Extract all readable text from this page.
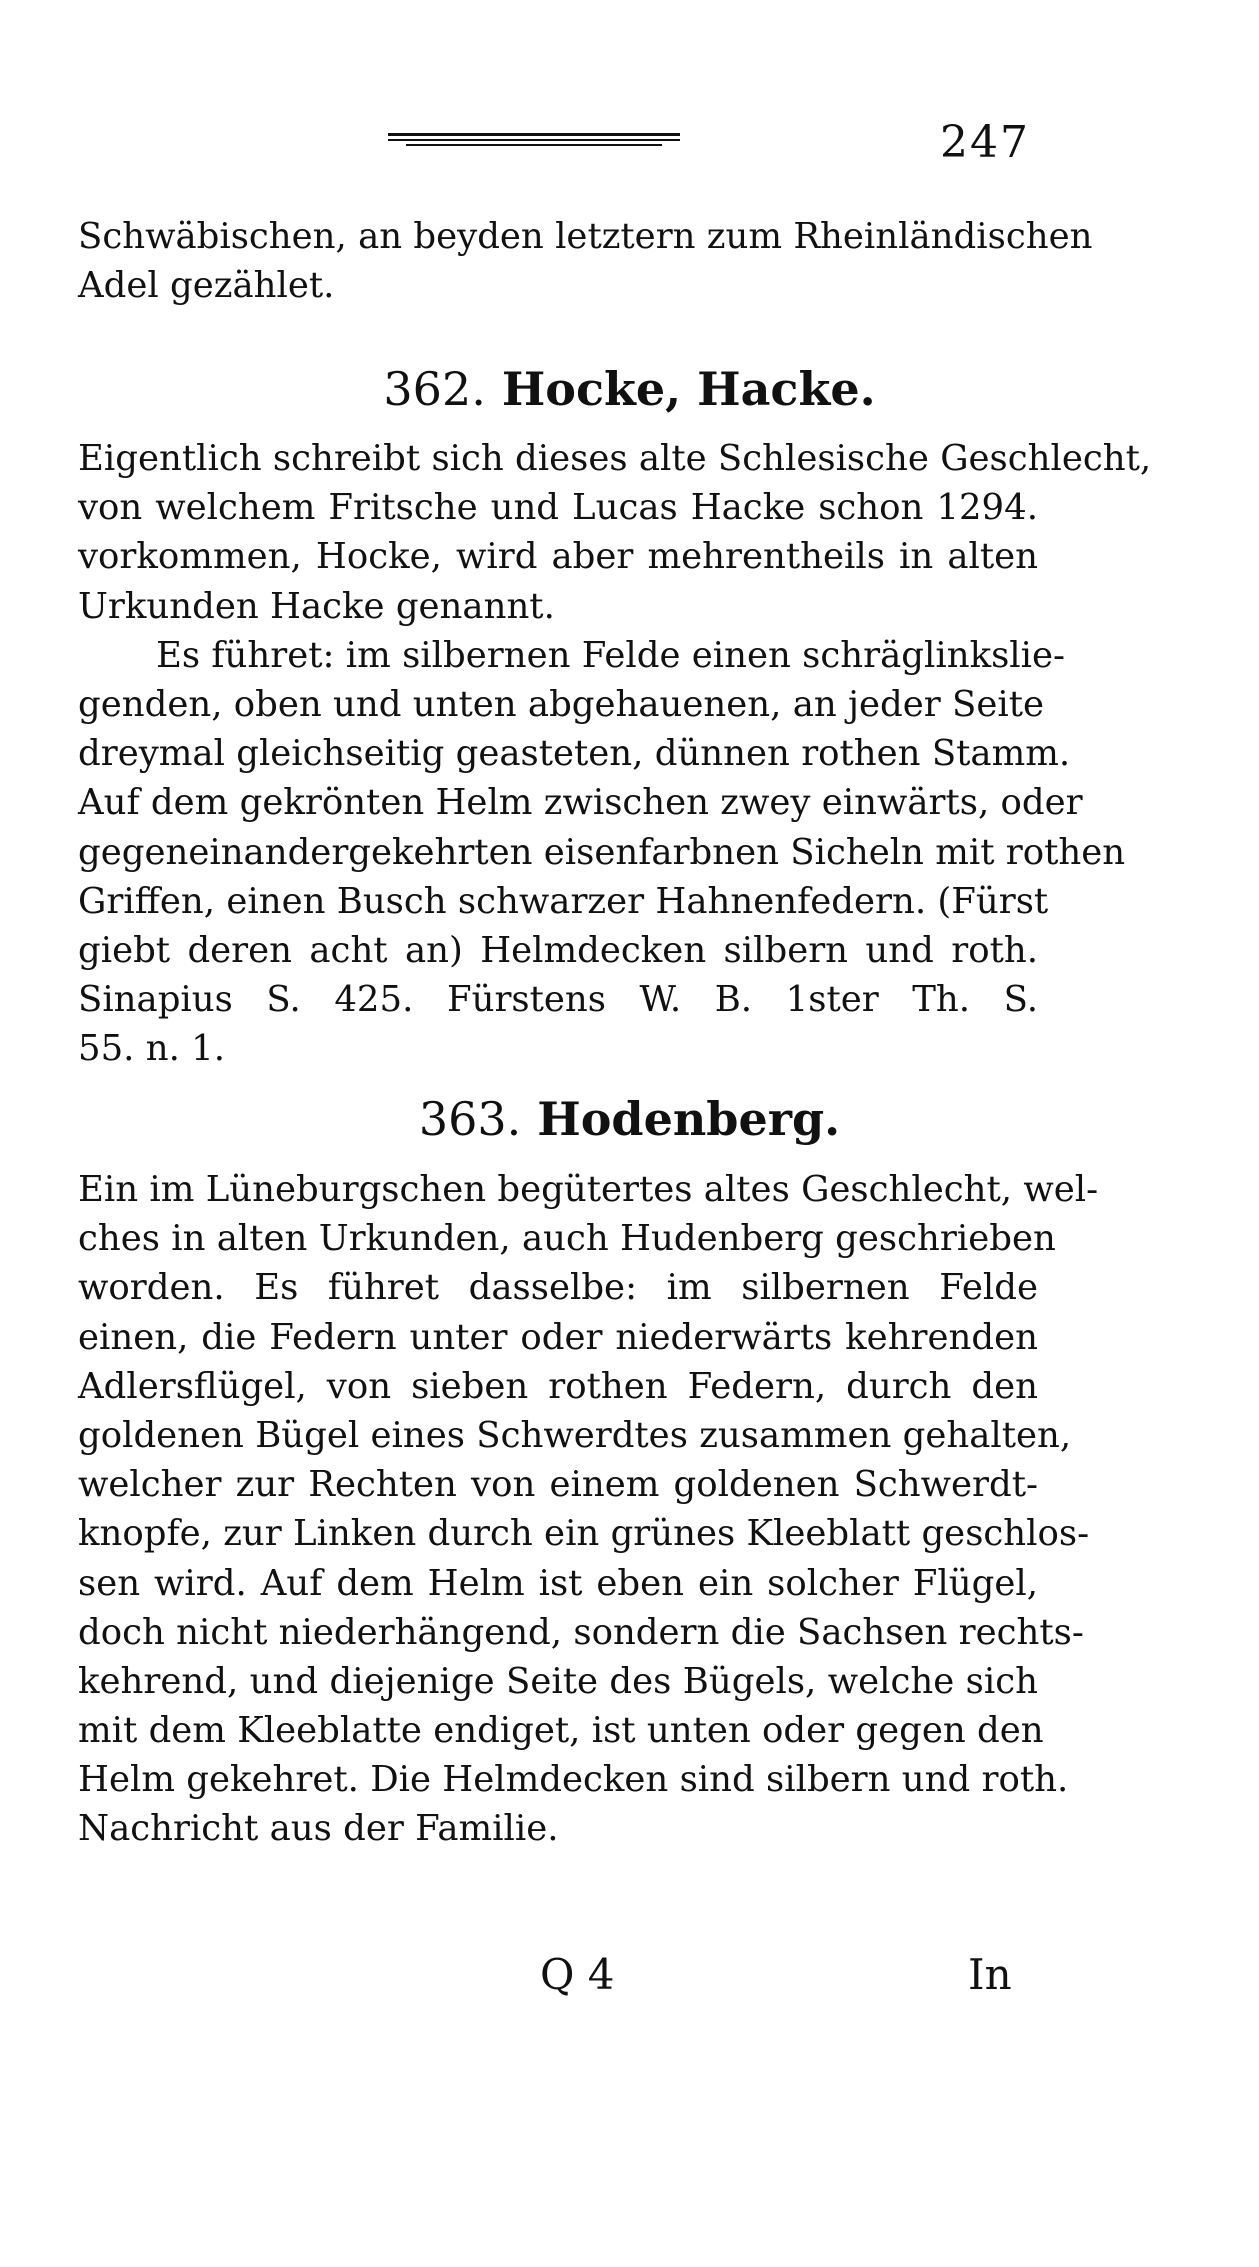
247
Schwäbischen, an beyden letztern zum Rheinländischen
Adel gezählet.
362. Hocke, Hacke.
Eigentlich schreibt sich dieses alte Schlesische Geschlecht,
von welchem Fritsche und Lucas Hacke schon 1294.
vorkommen, Hocke, wird aber mehrentheils in alten
Urkunden Hacke genannt.
Es führet: im silbernen Felde einen schräglinkslie-
genden, oben und unten abgehauenen, an jeder Seite
dreymal gleichseitig geasteten, dünnen rothen Stamm.
Auf dem gekrönten Helm zwischen zwey einwärts, oder
gegeneinandergekehrten eisenfarbnen Sicheln mit rothen
Griffen, einen Busch schwarzer Hahnenfedern. (Fürst
giebt deren acht an) Helmdecken silbern und roth.
Sinapius S. 425. Fürstens W. B. 1ster Th. S.
55. n. 1.
363. Hodenberg.
Ein im Lüneburgschen begütertes altes Geschlecht, wel-
ches in alten Urkunden, auch Hudenberg geschrieben
worden. Es führet dasselbe: im silbernen Felde
einen, die Federn unter oder niederwärts kehrenden
Adlersflügel, von sieben rothen Federn, durch den
goldenen Bügel eines Schwerdtes zusammen gehalten,
welcher zur Rechten von einem goldenen Schwerdt-
knopfe, zur Linken durch ein grünes Kleeblatt geschlos-
sen wird. Auf dem Helm ist eben ein solcher Flügel,
doch nicht niederhängend, sondern die Sachsen rechts-
kehrend, und diejenige Seite des Bügels, welche sich
mit dem Kleeblatte endiget, ist unten oder gegen den
Helm gekehret. Die Helmdecken sind silbern und roth.
Nachricht aus der Familie.
Q 4	In
